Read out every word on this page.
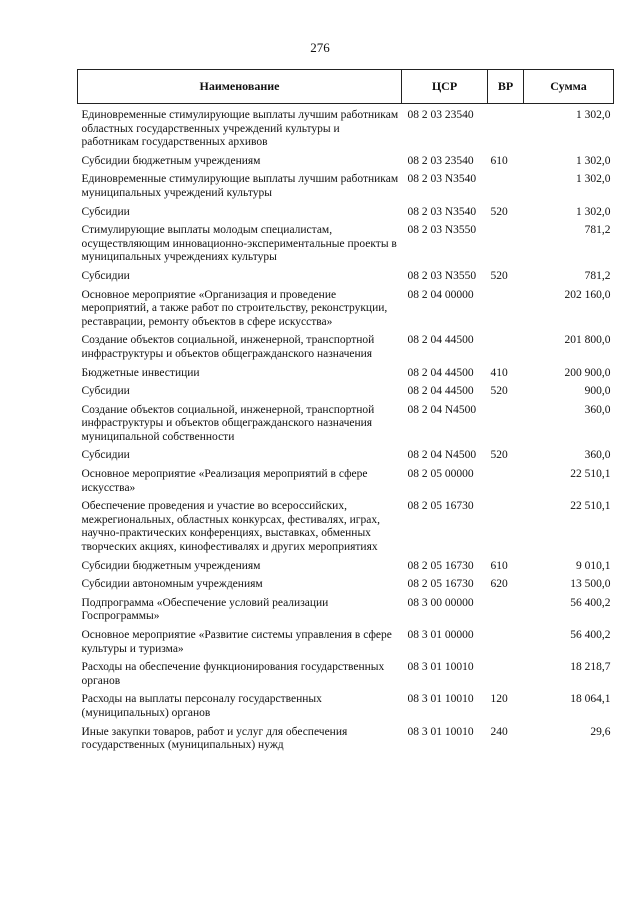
276
Наименование	ЦСР	ВР	Сумма
Единовременные стимулирующие выплаты лучшим работникам областных государственных учреждений культуры и работникам государственных архивов	08 2 03 23540		1 302,0
Субсидии бюджетным учреждениям	08 2 03 23540	610	1 302,0
Единовременные стимулирующие выплаты лучшим работникам муниципальных учреждений культуры	08 2 03 N3540		1 302,0
Субсидии	08 2 03 N3540	520	1 302,0
Стимулирующие выплаты молодым специалистам, осуществляющим инновационно-экспериментальные проекты в муниципальных учреждениях культуры	08 2 03 N3550		781,2
Субсидии	08 2 03 N3550	520	781,2
Основное мероприятие «Организация и проведение мероприятий, а также работ по строительству, реконструкции, реставрации, ремонту объектов в сфере искусства»	08 2 04 00000		202 160,0
Создание объектов социальной, инженерной, транспортной инфраструктуры и объектов общегражданского назначения	08 2 04 44500		201 800,0
Бюджетные инвестиции	08 2 04 44500	410	200 900,0
Субсидии	08 2 04 44500	520	900,0
Создание объектов социальной, инженерной, транспортной инфраструктуры и объектов общегражданского назначения муниципальной собственности	08 2 04 N4500		360,0
Субсидии	08 2 04 N4500	520	360,0
Основное мероприятие «Реализация мероприятий в сфере искусства»	08 2 05 00000		22 510,1
Обеспечение проведения и участие во всероссийских, межрегиональных, областных конкурсах, фестивалях, играх, научно-практических конференциях, выставках, обменных творческих акциях, кинофестивалях и других мероприятиях	08 2 05 16730		22 510,1
Субсидии бюджетным учреждениям	08 2 05 16730	610	9 010,1
Субсидии автономным учреждениям	08 2 05 16730	620	13 500,0
Подпрограмма «Обеспечение условий реализации Госпрограммы»	08 3 00 00000		56 400,2
Основное мероприятие «Развитие системы управления в сфере культуры и туризма»	08 3 01 00000		56 400,2
Расходы на обеспечение функционирования государственных органов	08 3 01 10010		18 218,7
Расходы на выплаты персоналу государственных (муниципальных) органов	08 3 01 10010	120	18 064,1
Иные закупки товаров, работ и услуг для обеспечения государственных (муниципальных) нужд	08 3 01 10010	240	29,6
